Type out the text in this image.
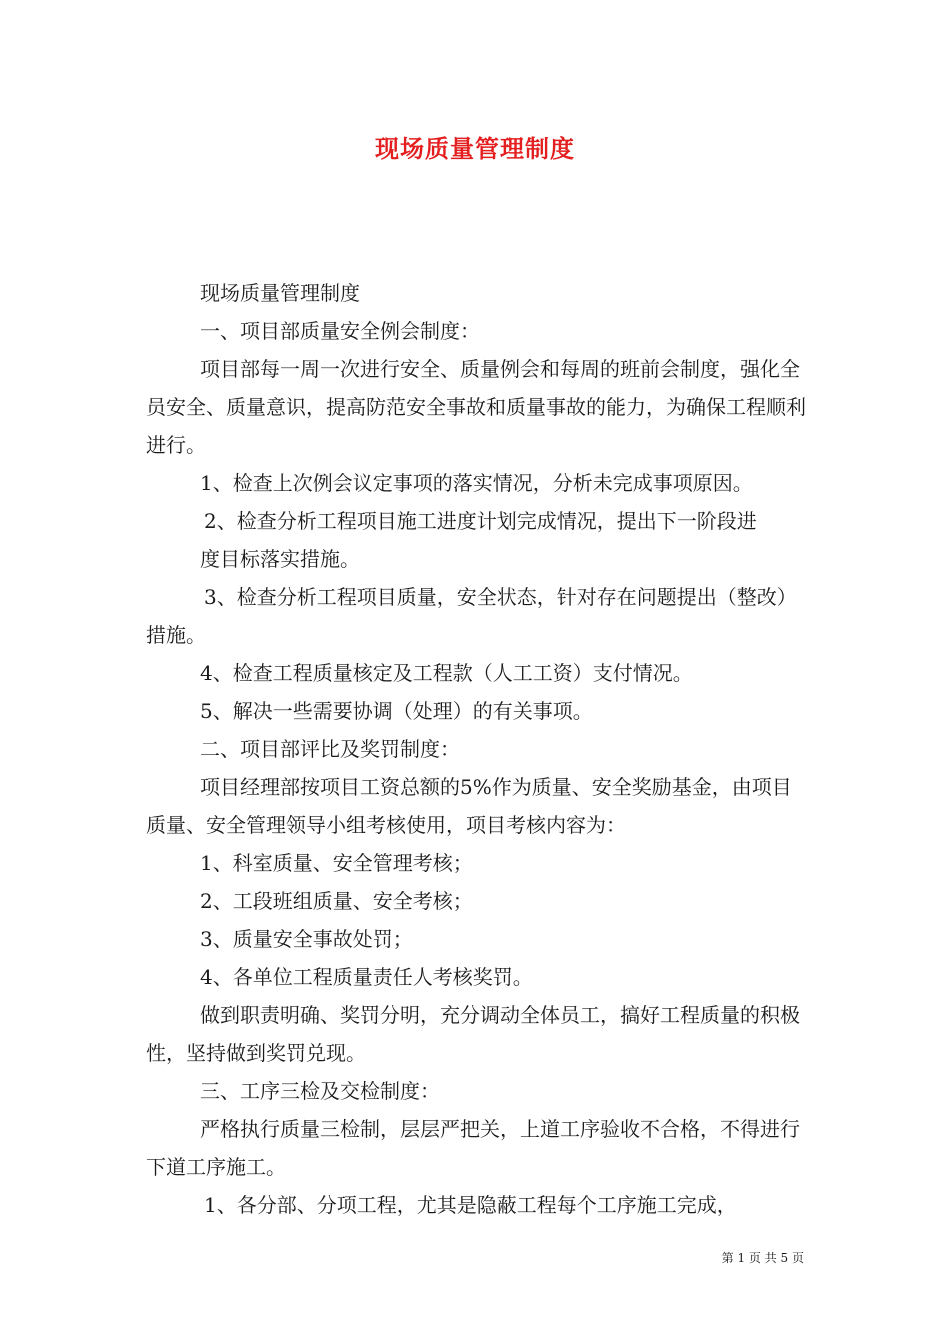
现场质量管理制度

现场质量管理制度

一、项目部质量安全例会制度：

项目部每一周一次进行安全、质量例会和每周的班前会制度，强化全员安全、质量意识，提高防范安全事故和质量事故的能力，为确保工程顺利进行。

1、检查上次例会议定事项的落实情况，分析未完成事项原因。

2、检查分析工程项目施工进度计划完成情况，提出下一阶段进

度目标落实措施。

3、检查分析工程项目质量，安全状态，针对存在问题提出（整改）措施。

4、检查工程质量核定及工程款（人工工资）支付情况。

5、解决一些需要协调（处理）的有关事项。

二、项目部评比及奖罚制度：

项目经理部按项目工资总额的5%作为质量、安全奖励基金，由项目质量、安全管理领导小组考核使用，项目考核内容为：

1、科室质量、安全管理考核；

2、工段班组质量、安全考核；

3、质量安全事故处罚；

4、各单位工程质量责任人考核奖罚。

做到职责明确、奖罚分明，充分调动全体员工，搞好工程质量的积极性，坚持做到奖罚兑现。

三、工序三检及交检制度：

严格执行质量三检制，层层严把关，上道工序验收不合格，不得进行下道工序施工。

1、各分部、分项工程，尤其是隐蔽工程每个工序施工完成，

第 1 页 共 5 页
